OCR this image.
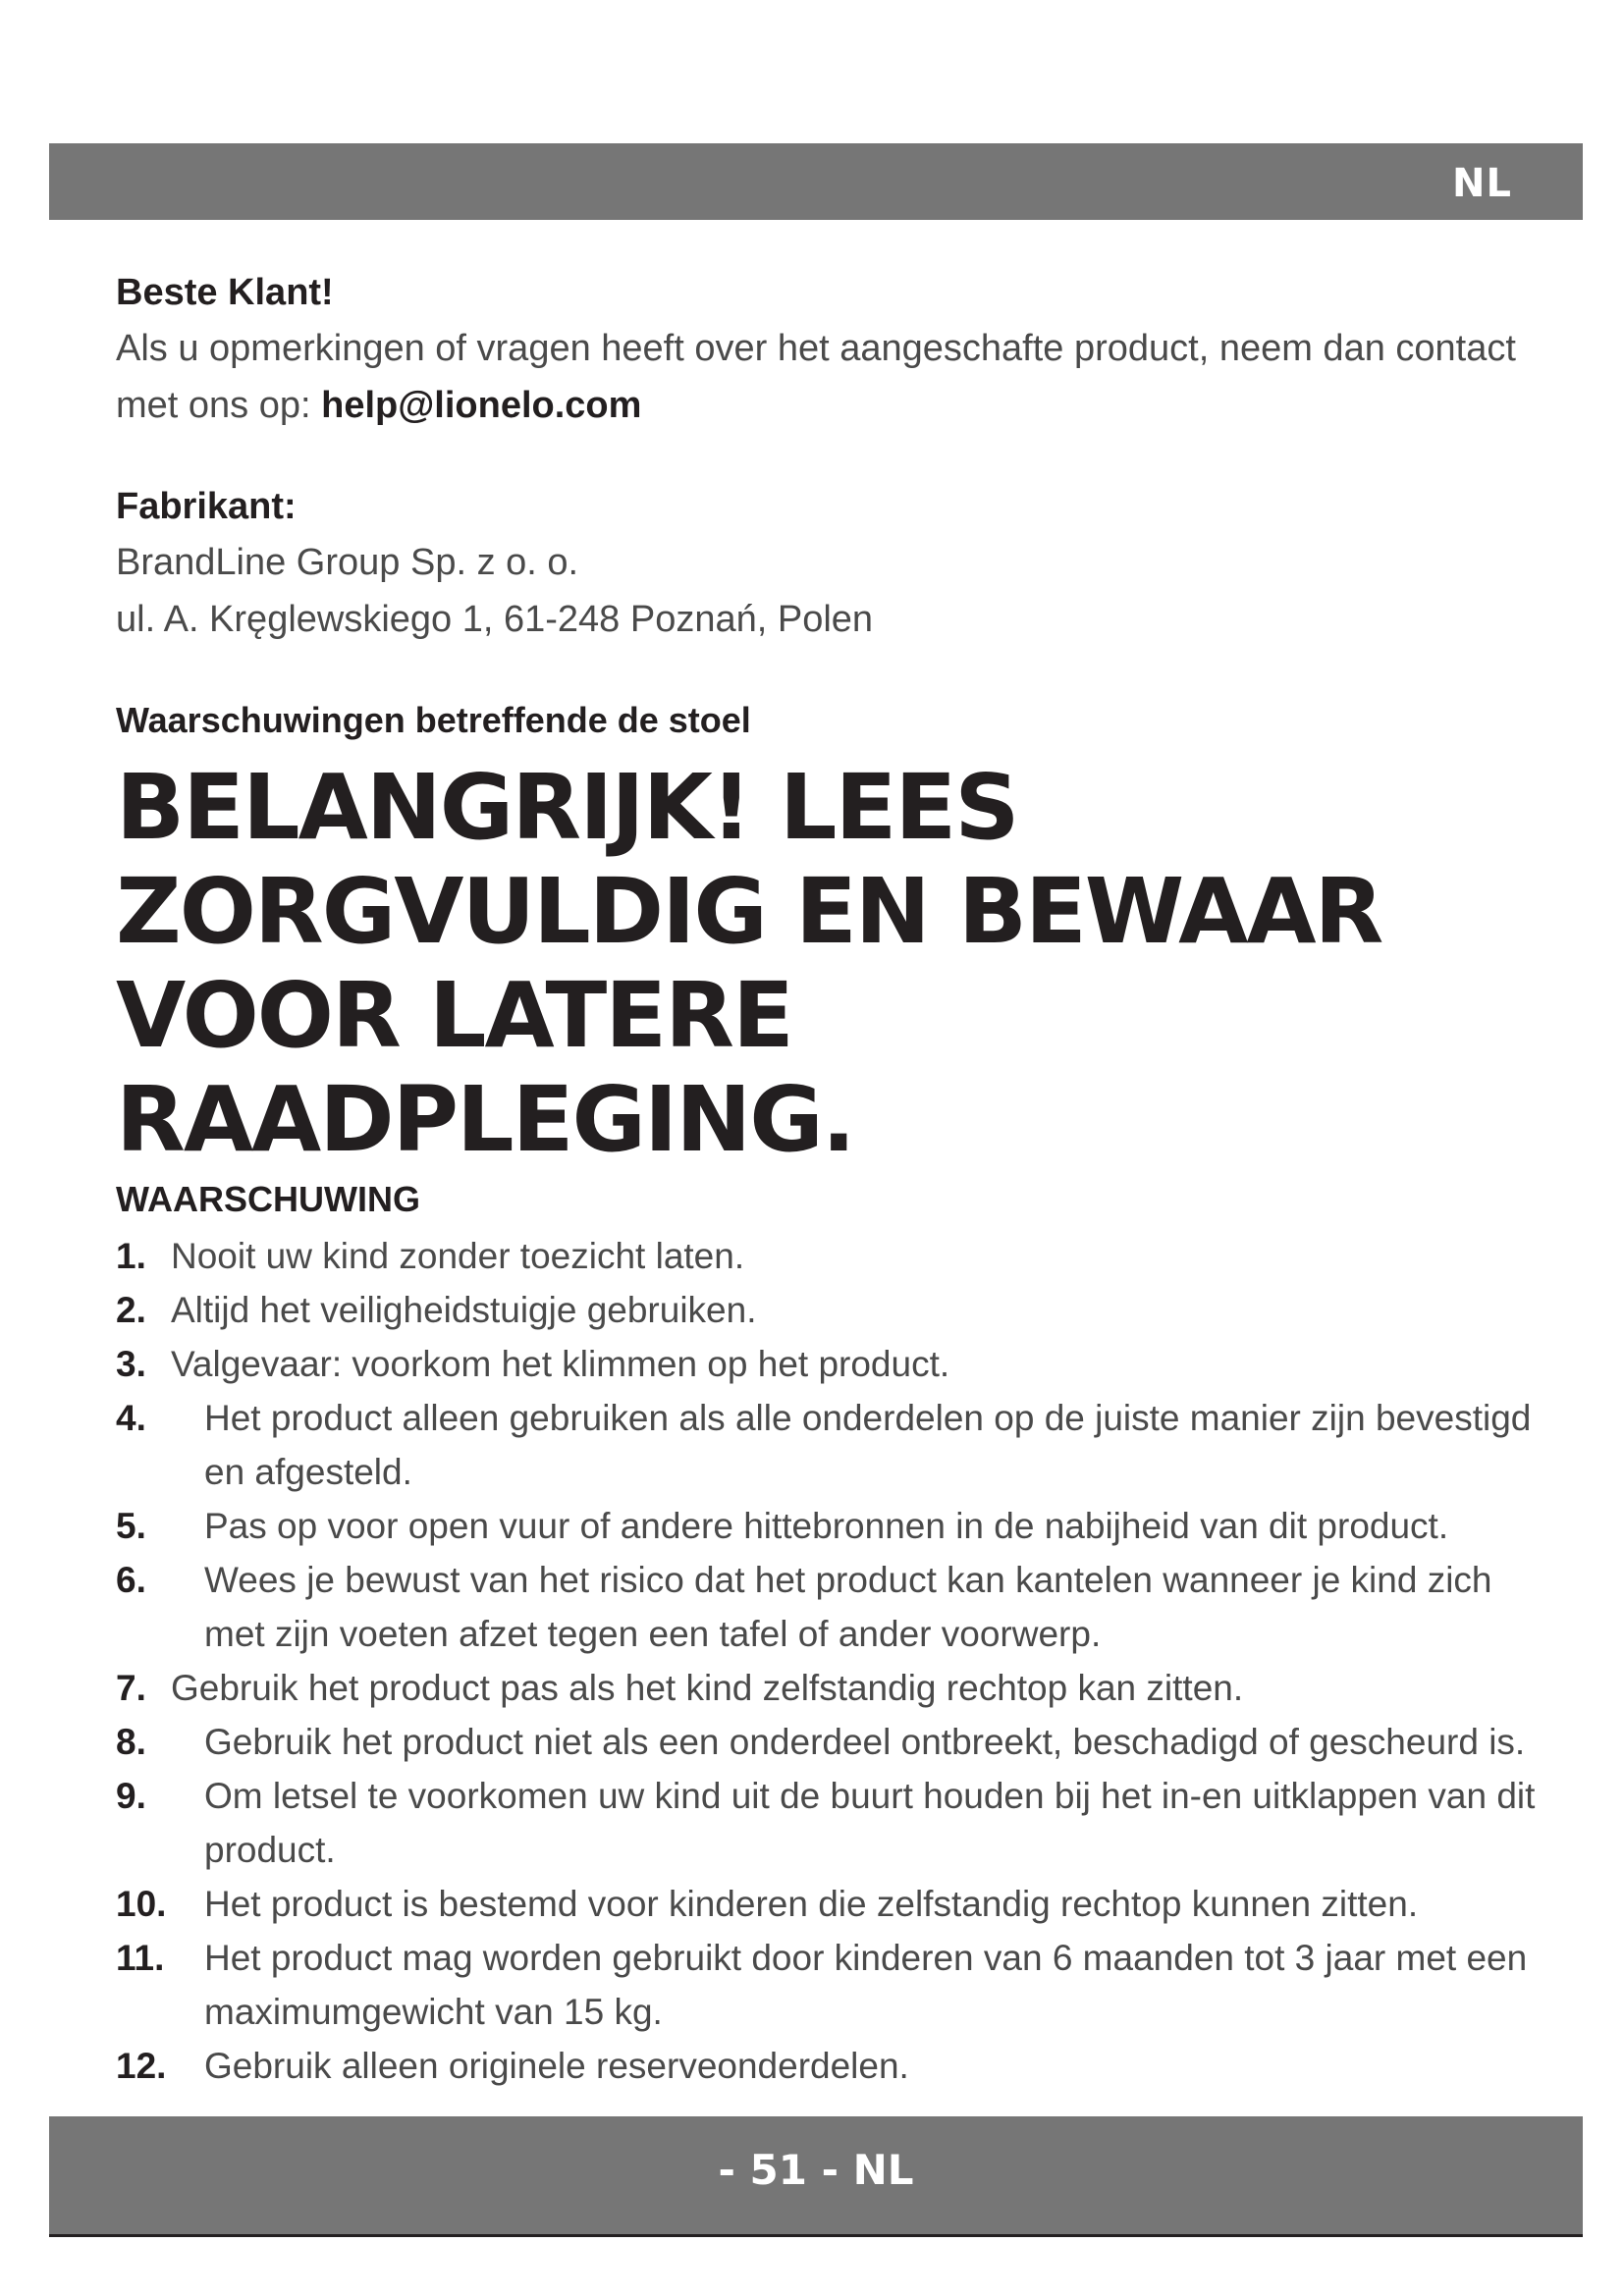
NL
Beste Klant!
Als u opmerkingen of vragen heeft over het aangeschafte product, neem dan contact met ons op: help@lionelo.com
Fabrikant:
BrandLine Group Sp. z o. o.
ul. A. Kręglewskiego 1, 61-248 Poznań, Polen
Waarschuwingen betreffende de stoel
BELANGRIJK! LEES ZORGVULDIG EN BEWAAR VOOR LATERE RAADPLEGING.
WAARSCHUWING
1. Nooit uw kind zonder toezicht laten.
2. Altijd het veiligheidstuigje gebruiken.
3. Valgevaar: voorkom het klimmen op het product.
4. Het product alleen gebruiken als alle onderdelen op de juiste manier zijn bevestigd en afgesteld.
5. Pas op voor open vuur of andere hittebronnen in de nabijheid van dit product.
6. Wees je bewust van het risico dat het product kan kantelen wanneer je kind zich met zijn voeten afzet tegen een tafel of ander voorwerp.
7. Gebruik het product pas als het kind zelfstandig rechtop kan zitten.
8. Gebruik het product niet als een onderdeel ontbreekt, beschadigd of gescheurd is.
9. Om letsel te voorkomen uw kind uit de buurt houden bij het in-en uitklappen van dit product.
10. Het product is bestemd voor kinderen die zelfstandig rechtop kunnen zitten.
11. Het product mag worden gebruikt door kinderen van 6 maanden tot 3 jaar met een maximumgewicht van 15 kg.
12. Gebruik alleen originele reserveonderdelen.
- 51 - NL
